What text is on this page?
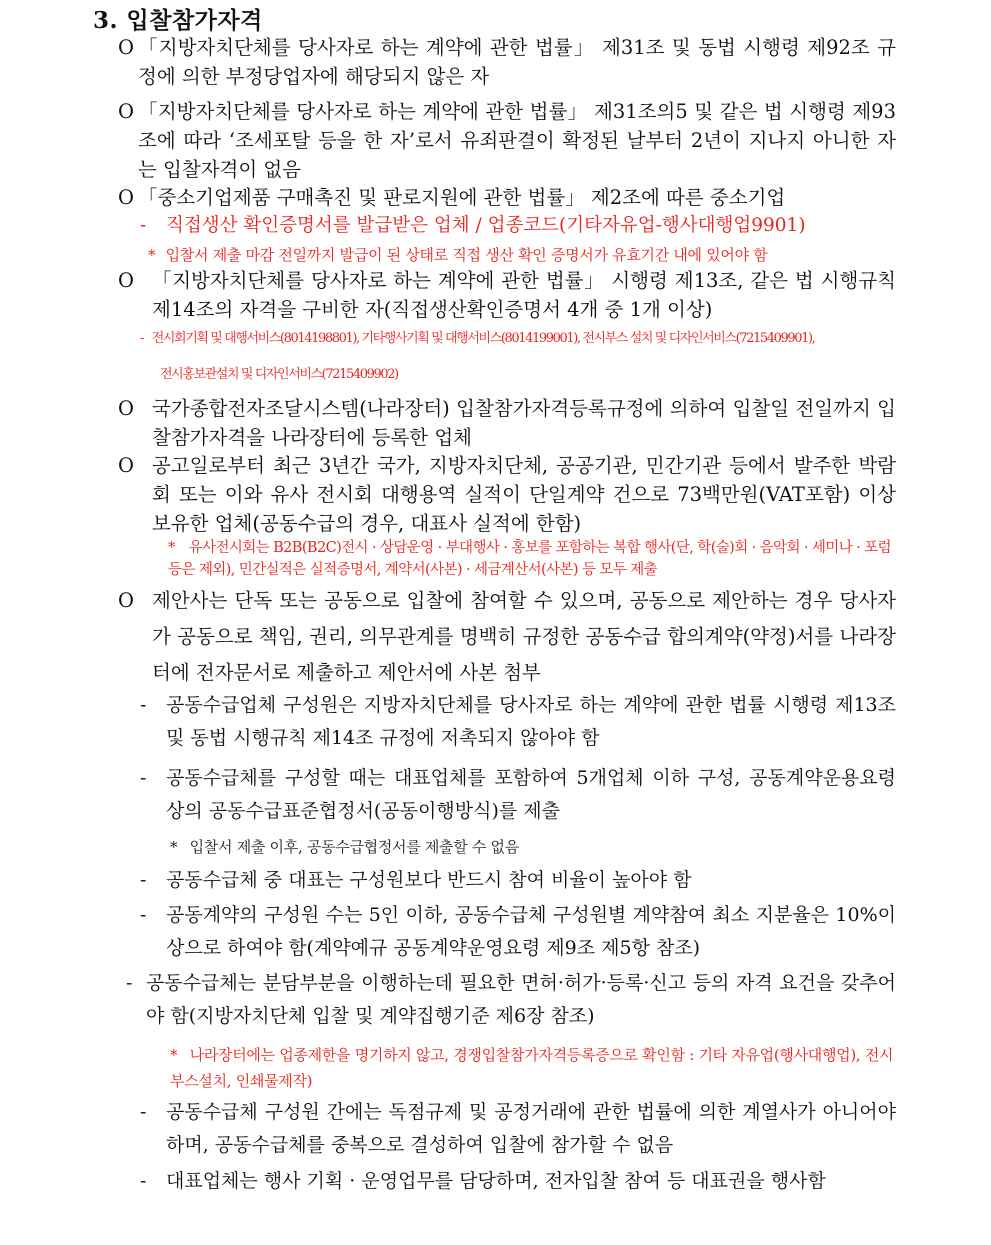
3. 입찰참가자격
O 「지방자치단체를 당사자로 하는 계약에 관한 법률」 제31조 및 동법 시행령 제92조 규정에 의한 부정당업자에 해당되지 않은 자
O 「지방자치단체를 당사자로 하는 계약에 관한 법률」 제31조의5 및 같은 법 시행령 제93조에 따라 ‘조세포탈 등을 한 자’로서 유죄판결이 확정된 날부터 2년이 지나지 아니한 자는 입찰자격이 없음
O 「중소기업제품 구매촉진 및 판로지원에 관한 법률」 제2조에 따른 중소기업
-	직접생산 확인증명서를 발급받은 업체 / 업종코드(기타자유업-행사대행업9901)
* 입찰서 제출 마감 전일까지 발급이 된 상태로 직접 생산 확인 증명서가 유효기간 내에 있어야 함
O 「지방자치단체를 당사자로 하는 계약에 관한 법률」 시행령 제13조, 같은 법 시행규칙 제14조의 자격을 구비한 자(직접생산확인증명서 4개 중 1개 이상)
- 전시회기획 및 대행서비스(8014198801), 기타행사기획 및 대행서비스(8014199001), 전시부스 설치 및 디자인서비스(7215409901),
전시홍보관설치 및 디자인서비스(7215409902)
O 국가종합전자조달시스템(나라장터) 입찰참가자격등록규정에 의하여 입찰일 전일까지 입찰참가자격을 나라장터에 등록한 업체
O 공고일로부터 최근 3년간 국가, 지방자치단체, 공공기관, 민간기관 등에서 발주한 박람회 또는 이와 유사 전시회 대행용역 실적이 단일계약 건으로 73백만원(VAT포함) 이상 보유한 업체(공동수급의 경우, 대표사 실적에 한함)
* 유사전시회는 B2B(B2C)전시 · 상담운영 · 부대행사 · 홍보를 포함하는 복합 행사(단, 학(술)회 · 음악회 · 세미나 · 포럼 등은 제외), 민간실적은 실적증명서, 계약서(사본) · 세금계산서(사본) 등 모두 제출
O 제안사는 단독 또는 공동으로 입찰에 참여할 수 있으며, 공동으로 제안하는 경우 당사자가 공동으로 책임, 권리, 의무관계를 명백히 규정한 공동수급 합의계약(약정)서를 나라장터에 전자문서로 제출하고 제안서에 사본 첨부
-	공동수급업체 구성원은 지방자치단체를 당사자로 하는 계약에 관한 법률 시행령 제13조 및 동법 시행규칙 제14조 규정에 저촉되지 않아야 함
-	공동수급체를 구성할 때는 대표업체를 포함하여 5개업체 이하 구성, 공동계약운용요령 상의 공동수급표준협정서(공동이행방식)를 제출
* 입찰서 제출 이후, 공동수급협정서를 제출할 수 없음
-	공동수급체 중 대표는 구성원보다 반드시 참여 비율이 높아야 함
-	공동계약의 구성원 수는 5인 이하, 공동수급체 구성원별 계약참여 최소 지분율은 10%이상으로 하여야 함(계약예규 공동계약운영요령 제9조 제5항 참조)
- 공동수급체는 분담부분을 이행하는데 필요한 면허·허가·등록·신고 등의 자격 요건을 갖추어야 함(지방자치단체 입찰 및 계약집행기준 제6장 참조)
* 나라장터에는 업종제한을 명기하지 않고, 경쟁입찰참가자격등록증으로 확인함 : 기타 자유업(행사대행업), 전시부스설치, 인쇄물제작)
-	공동수급체 구성원 간에는 독점규제 및 공정거래에 관한 법률에 의한 계열사가 아니어야 하며, 공동수급체를 중복으로 결성하여 입찰에 참가할 수 없음
-	대표업체는 행사 기획 · 운영업무를 담당하며, 전자입찰 참여 등 대표권을 행사함
